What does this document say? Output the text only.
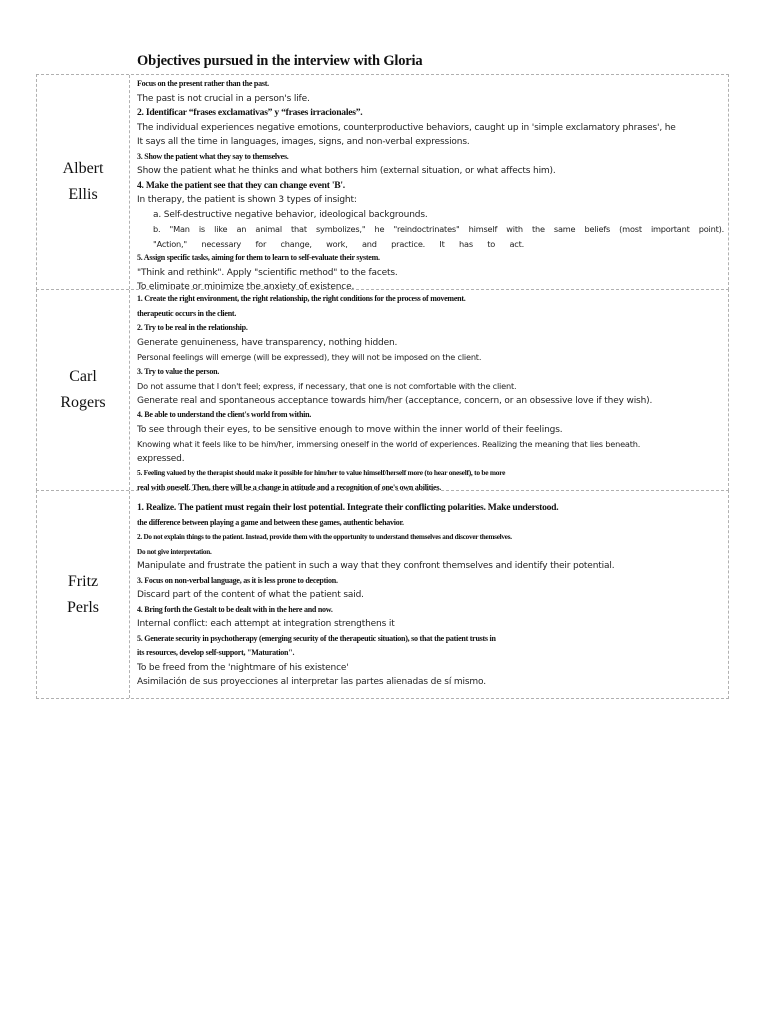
Objectives pursued in the interview with Gloria
Albert
Ellis
Focus on the present rather than the past.
The past is not crucial in a person's life.
2. Identificar “frases exclamativas” y “frases irracionales”.
The individual experiences negative emotions, counterproductive behaviors, caught up in 'simple exclamatory phrases', he
It says all the time in languages, images, signs, and non-verbal expressions.
3. Show the patient what they say to themselves.
Show the patient what he thinks and what bothers him (external situation, or what affects him).
4. Make the patient see that they can change event 'B'.
In therapy, the patient is shown 3 types of insight:
a. Self-destructive negative behavior, ideological backgrounds.
b. "Man is like an animal that symbolizes," he "reindoctrinates" himself with the same beliefs (most important point).
"Action," necessary for change, work, and practice. It has to act.
5. Assign specific tasks, aiming for them to learn to self-evaluate their system.
"Think and rethink". Apply "scientific method" to the facets.
To eliminate or minimize the anxiety of existence.
Carl
Rogers
1. Create the right environment, the right relationship, the right conditions for the process of movement.
therapeutic occurs in the client.
2. Try to be real in the relationship.
Generate genuineness, have transparency, nothing hidden.
Personal feelings will emerge (will be expressed), they will not be imposed on the client.
3. Try to value the person.
Do not assume that I don't feel; express, if necessary, that one is not comfortable with the client.
Generate real and spontaneous acceptance towards him/her (acceptance, concern, or an obsessive love if they wish).
4. Be able to understand the client's world from within.
To see through their eyes, to be sensitive enough to move within the inner world of their feelings.
Knowing what it feels like to be him/her, immersing oneself in the world of experiences. Realizing the meaning that lies beneath.
expressed.
5. Feeling valued by the therapist should make it possible for him/her to value himself/herself more (to hear oneself), to be more
real with oneself. Then, there will be a change in attitude and a recognition of one's own abilities.
Fritz
Perls
1. Realize. The patient must regain their lost potential. Integrate their conflicting polarities. Make understood.
the difference between playing a game and between these games, authentic behavior.
2. Do not explain things to the patient. Instead, provide them with the opportunity to understand themselves and discover themselves.
Do not give interpretation.
Manipulate and frustrate the patient in such a way that they confront themselves and identify their potential.
3. Focus on non-verbal language, as it is less prone to deception.
Discard part of the content of what the patient said.
4. Bring forth the Gestalt to be dealt with in the here and now.
Internal conflict: each attempt at integration strengthens it
5. Generate security in psychotherapy (emerging security of the therapeutic situation), so that the patient trusts in
its resources, develop self-support, "Maturation".
To be freed from the 'nightmare of his existence'
Asimilación de sus proyecciones al interpretar las partes alienadas de sí mismo.
